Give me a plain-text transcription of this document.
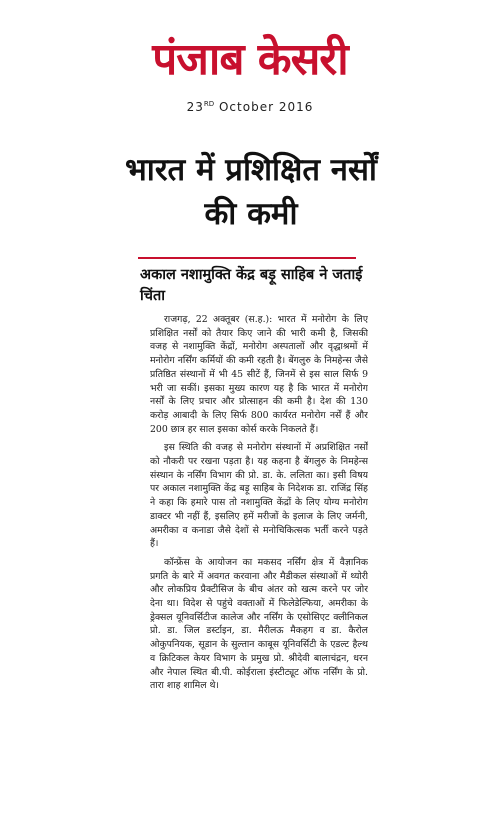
पंजाब केसरी
23RD October 2016
भारत में प्रशिक्षित नर्सों की कमी
अकाल नशामुक्ति केंद्र बड़ू साहिब ने जताई चिंता

राजगढ़, 22 अक्तूबर (स.ह.): भारत में मनोरोग के लिए प्रशिक्षित नर्सों को तैयार किए जाने की भारी कमी है, जिसकी वजह से नशामुक्ति केंद्रों, मनोरोग अस्पतालों और वृद्धाश्रमों में मनोरोग नर्सिंग कर्मियों की कमी रहती है। बेंगलुरु के निमहेन्स जैसे प्रतिष्ठित संस्थानों में भी 45 सीटें हैं, जिनमें से इस साल सिर्फ 9 भरी जा सकीं। इसका मुख्य कारण यह है कि भारत में मनोरोग नर्सों के लिए प्रचार और प्रोत्साहन की कमी है। देश की 130 करोड़ आबादी के लिए सिर्फ 800 कार्यरत मनोरोग नर्सें हैं और 200 छात्र हर साल इसका कोर्स करके निकलते हैं।

इस स्थिति की वजह से मनोरोग संस्थानों में अप्रशिक्षित नर्सों को नौकरी पर रखना पड़ता है। यह कहना है बेंगलुरु के निमहेन्स संस्थान के नर्सिंग विभाग की प्रो. डा. के. ललिता का। इसी विषय पर अकाल नशामुक्ति केंद्र बड़ू साहिब के निदेशक डा. राजिंद्र सिंह ने कहा कि हमारे पास तो नशामुक्ति केंद्रों के लिए योग्य मनोरोग डाक्टर भी नहीं हैं, इसलिए हमें मरीजों के इलाज के लिए जर्मनी, अमरीका व कनाडा जैसे देशों से मनोचिकित्सक भर्ती करने पड़ते हैं।

कॉन्फ्रेंस के आयोजन का मकसद नर्सिंग क्षेत्र में वैज्ञानिक प्रगति के बारे में अवगत करवाना और मैडीकल संस्थाओं में थ्योरी और लोकप्रिय प्रैक्टीसिज के बीच अंतर को खत्म करने पर जोर देना था। विदेश से पहुंचे वक्ताओं में फिलेडेल्फिया, अमरीका के ड्रेक्सल यूनिवर्सिटीज कालेज और नर्सिंग के एसोसिएट क्लीनिकल प्रो. डा. जिल डर्स्टाइन, डा. मैरीलऊ मैकहग व डा. कैरोल ओकुपनियक, सूडान के सुल्तान काबूस यूनिवर्सिटी के एडल्ट हैल्थ व क्रिटिकल केयर विभाग के प्रमुख प्रो. श्रीदेवी बालाचंद्रन, धरन और नेपाल स्थित बी.पी. कोईराला इंस्टीट्यूट ऑफ नर्सिंग के प्रो. तारा शाह शामिल थे।
